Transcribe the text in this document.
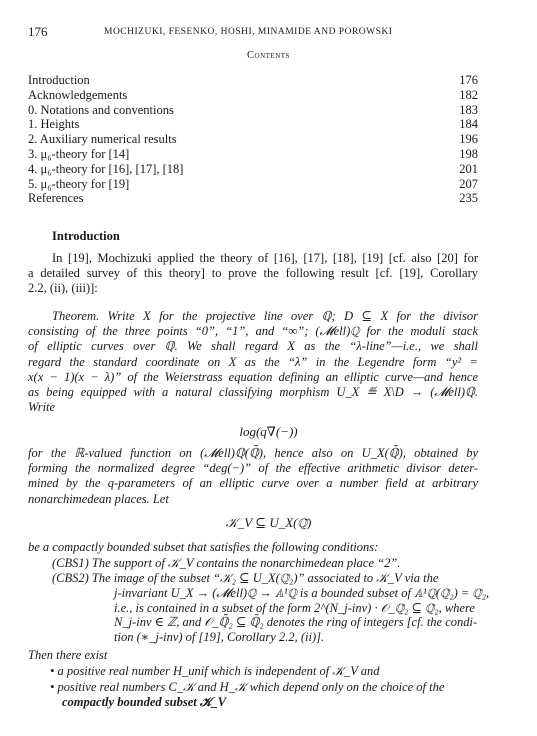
176	MOCHIZUKI, FESENKO, HOSHI, MINAMIDE AND POROWSKI
Contents
Introduction	176
Acknowledgements	182
0. Notations and conventions	183
1. Heights	184
2. Auxiliary numerical results	196
3. μ₆-theory for [14]	198
4. μ₆-theory for [16], [17], [18]	201
5. μ₆-theory for [19]	207
References	235
Introduction
In [19], Mochizuki applied the theory of [16], [17], [18], [19] [cf. also [20] for
a detailed survey of this theory] to prove the following result [cf. [19], Corollary
2.2, (ii), (iii)]:
Theorem. Write X for the projective line over ℚ; D ⊆ X for the divisor
consisting of the three points “0”, “1”, and “∞”; (𝓜ell)ℚ for the moduli stack
of elliptic curves over ℚ. We shall regard X as the “λ-line”—i.e., we shall
regard the standard coordinate on X as the “λ” in the Legendre form “y² =
x(x − 1)(x − λ)” of the Weierstrass equation defining an elliptic curve—and hence
as being equipped with a natural classifying morphism U_X ≝ X\D → (𝓜ell)ℚ.
Write
log(q∇(−))
for the ℝ-valued function on (𝓜ell)ℚ(ℚ̄), hence also on U_X(ℚ̄), obtained by
forming the normalized degree “deg(−)” of the effective arithmetic divisor deter-
mined by the q-parameters of an elliptic curve over a number field at arbitrary
nonarchimedean places. Let
𝒦_V ⊆ U_X(ℚ̄)
be a compactly bounded subset that satisfies the following conditions:
(CBS1) The support of 𝒦_V contains the nonarchimedean place “2”.
(CBS2) The image of the subset “𝒦₂ ⊆ U_X(ℚ̄₂)” associated to 𝒦_V via the
j-invariant U_X → (𝓜ell)ℚ → 𝔸¹ℚ is a bounded subset of 𝔸¹ℚ(ℚ̄₂) = ℚ̄₂,
i.e., is contained in a subset of the form 2^(N_j-inv) · 𝒪_ℚ̄₂ ⊆ ℚ̄₂, where
N_j-inv ∈ ℤ, and 𝒪_ℚ̄₂ ⊆ ℚ̄₂ denotes the ring of integers [cf. the condi-
tion (∗_j-inv) of [19], Corollary 2.2, (ii)].
Then there exist
• a positive real number H_unif which is independent of 𝒦_V and
• positive real numbers C_𝒦 and H_𝒦 which depend only on the choice of the
compactly bounded subset 𝒦_V
